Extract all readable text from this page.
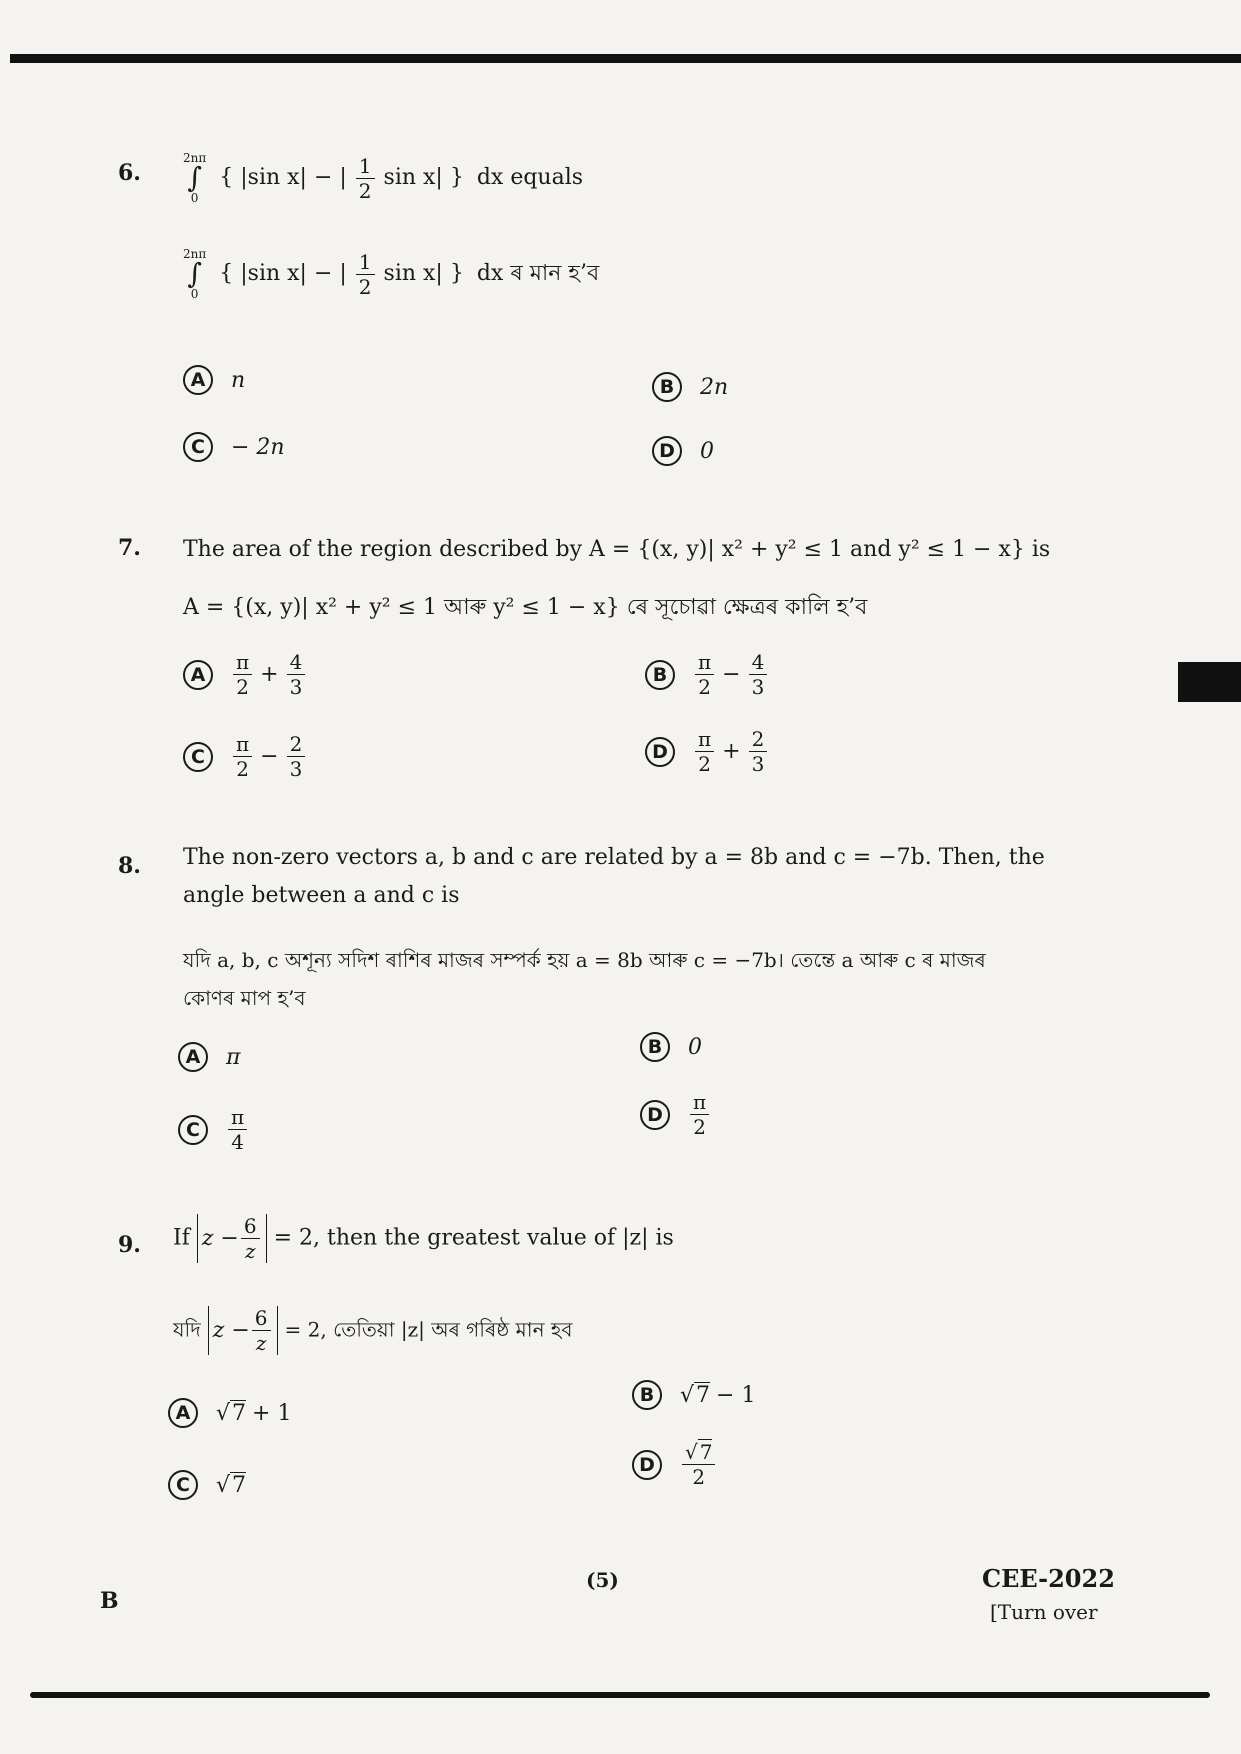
6.
2nπ
∫
0
{ |sin x| − | $\frac{1}{2}$ sin x| } dx equals
2nπ
∫
0
{ |sin x| − | $\frac{1}{2}$ sin x| } dx ৰ মান হ’ব
A	n	B	2n
C	− 2n	D	0
7. The area of the region described by A = {(x, y)| x² + y² ≤ 1 and y² ≤ 1 − x} is
A = {(x, y)| x² + y² ≤ 1 আৰু y² ≤ 1 − x} ৰে সূচোৱা ক্ষেত্ৰৰ কালি হ’ব
A	$\frac{\pi}{2} + \frac{4}{3}$	B	$\frac{\pi}{2} - \frac{4}{3}$
C	$\frac{\pi}{2} - \frac{2}{3}$	D	$\frac{\pi}{2} + \frac{2}{3}$
8. The non-zero vectors a, b and c are related by a = 8b and c = −7b. Then, the
angle between a and c is
যদি a, b, c অশূন্য সদিশ ৰাশিৰ মাজৰ সম্পৰ্ক হয় a = 8b আৰু c = −7b। তেন্তে a আৰু c ৰ মাজৰ
কোণৰ মাপ হ’ব
A	π	B	0
C	$\frac{\pi}{4}$	D	$\frac{\pi}{2}$
9. If $z - \frac{6}{z} = 2$, then the greatest value of |z| is
যদি $z - \frac{6}{z} = 2$, তেতিয়া |z| অৰ গৰিষ্ঠ মান হব
A	√ 7 + 1
B	√ 7 − 1
C	√ 7
D	$\frac{√ 7}{2}$
B
(5)	CEE-2022
[Turn over
